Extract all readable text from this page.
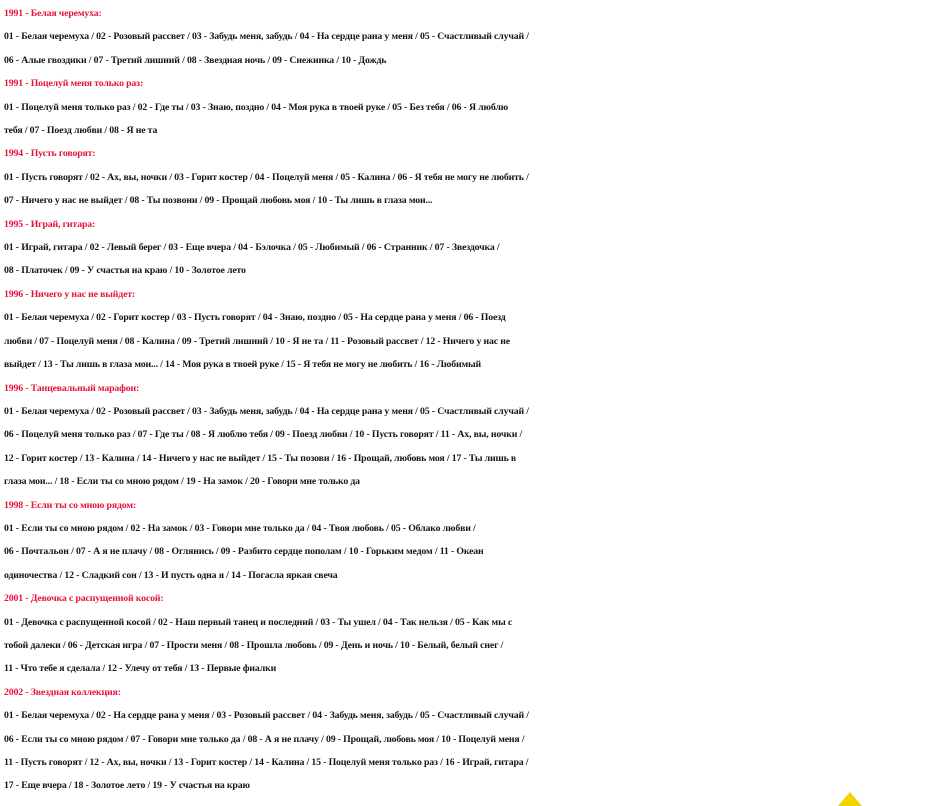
1991 - Белая черемуха:

01 - Белая черемуха / 02 - Розовый рассвет / 03 - Забудь меня, забудь / 04 - На сердце рана у меня / 05 - Счастливый случай /
06 - Алые гвоздики / 07 - Третий лишний / 08 - Звездная ночь / 09 - Снежинка / 10 - Дождь

1991 - Поцелуй меня только раз:

01 - Поцелуй меня только раз / 02 - Где ты / 03 - Знаю, поздно / 04 - Моя рука в твоей руке / 05 - Без тебя / 06 - Я люблю
тебя / 07 - Поезд любви / 08 - Я не та

1994 - Пусть говорят:

01 - Пусть говорят / 02 - Ах, вы, ночки / 03 - Горит костер / 04 - Поцелуй меня / 05 - Калина / 06 - Я тебя не могу не любить /
07 - Ничего у нас не выйдет / 08 - Ты позвони / 09 - Прощай любовь моя / 10 - Ты лишь в глаза мои...

1995 - Играй, гитара:

01 - Играй, гитара / 02 - Левый берег / 03 - Еще вчера / 04 - Бэлочка / 05 - Любимый / 06 - Странник / 07 - Звездочка /
08 - Платочек / 09 - У счастья на краю / 10 - Золотое лето

1996 - Ничего у нас не выйдет:

01 - Белая черемуха / 02 - Горит костер / 03 - Пусть говорят / 04 - Знаю, поздно / 05 - На сердце рана у меня / 06 - Поезд
любви / 07 - Поцелуй меня / 08 - Калина / 09 - Третий лишний / 10 - Я не та / 11 - Розовый рассвет / 12 - Ничего у нас не
выйдет / 13 - Ты лишь в глаза мои... / 14 - Моя рука в твоей руке / 15 - Я тебя не могу не любить / 16 - Любимый

1996 - Танцевальный марафон:

01 - Белая черемуха / 02 - Розовый рассвет / 03 - Забудь меня, забудь / 04 - На сердце рана у меня / 05 - Счастливый случай /
06 - Поцелуй меня только раз / 07 - Где ты / 08 - Я люблю тебя / 09 - Поезд любви / 10 - Пусть говорят / 11 - Ах, вы, ночки /
12 - Горит костер / 13 - Калина / 14 - Ничего у нас не выйдет / 15 - Ты позови / 16 - Прощай, любовь моя / 17 - Ты лишь в
глаза мои... / 18 - Если ты со мною рядом / 19 - На замок / 20 - Говори мне только да

1998 - Если ты со мною рядом:

01 - Если ты со мною рядом / 02 - На замок / 03 - Говори мне только да / 04 - Твоя любовь / 05 - Облако любви /
06 - Почтальон / 07 - А я не плачу / 08 - Оглянись / 09 - Разбито сердце пополам / 10 - Горьким медом / 11 - Океан
одиночества / 12 - Сладкий сон / 13 - И пусть одна я / 14 - Погасла яркая свеча

2001 - Девочка с распущенной косой:

01 - Девочка с распущенной косой / 02 - Наш первый танец и последний / 03 - Ты ушел / 04 - Так нельзя / 05 - Как мы с
тобой далеки / 06 - Детская игра / 07 - Прости меня / 08 - Прошла любовь / 09 - День и ночь / 10 - Белый, белый снег /
11 - Что тебе я сделала / 12 - Улечу от тебя / 13 - Первые фиалки

2002 - Звездная коллекция:

01 - Белая черемуха / 02 - На сердце рана у меня / 03 - Розовый рассвет / 04 - Забудь меня, забудь / 05 - Счастливый случай /
06 - Если ты со мною рядом / 07 - Говори мне только да / 08 - А я не плачу / 09 - Прощай, любовь моя / 10 - Поцелуй меня /
11 - Пусть говорят / 12 - Ах, вы, ночки / 13 - Горит костер / 14 - Калина / 15 - Поцелуй меня только раз / 16 - Играй, гитара /
17 - Еще вчера / 18 - Золотое лето / 19 - У счастья на краю
